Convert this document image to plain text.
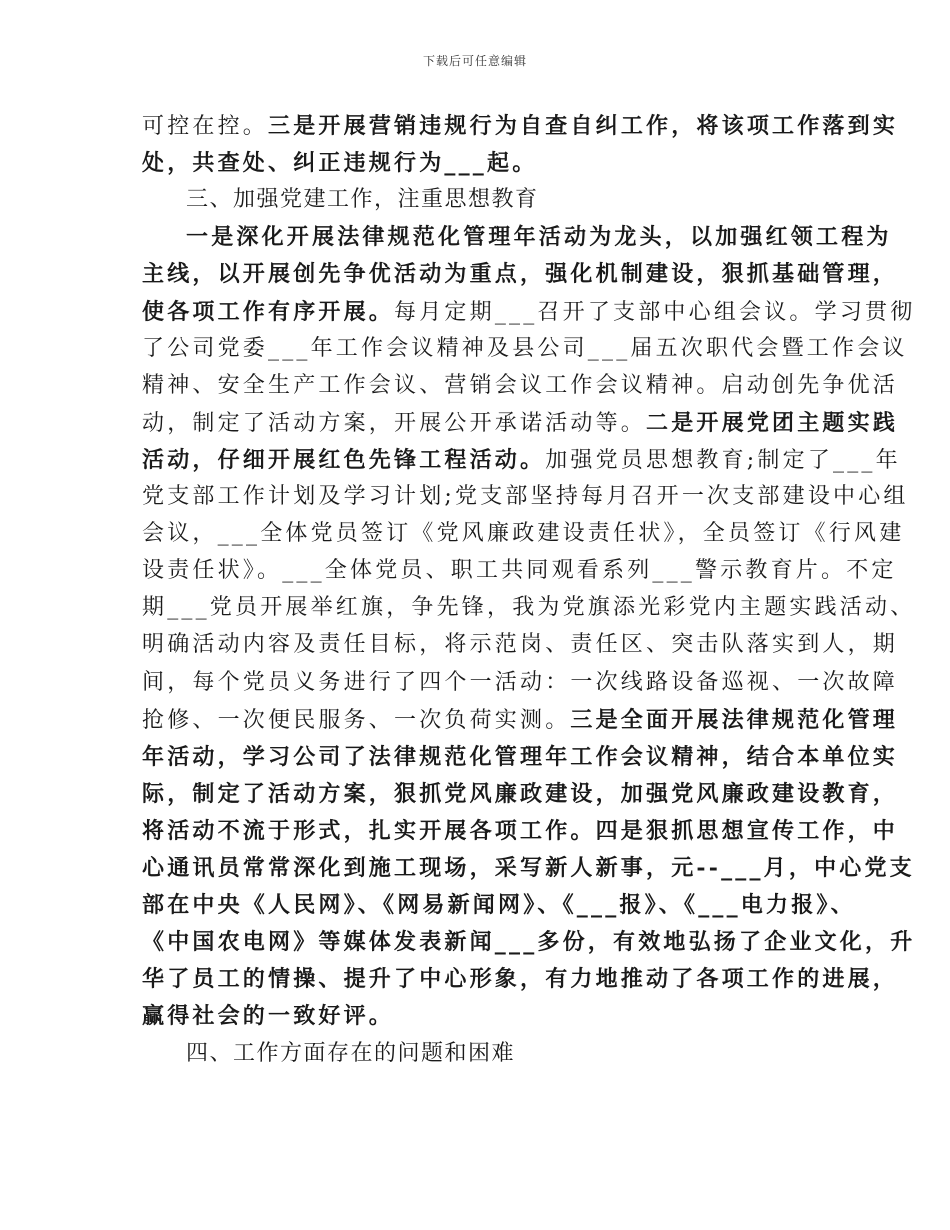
下载后可任意编辑
可控在控。三是开展营销违规行为自查自纠工作，将该项工作落到实
处，共查处、纠正违规行为___起。
三、加强党建工作，注重思想教育
一是深化开展法律规范化管理年活动为龙头，以加强红领工程为
主线，以开展创先争优活动为重点，强化机制建设，狠抓基础管理，
使各项工作有序开展。每月定期___召开了支部中心组会议。学习贯彻
了公司党委___年工作会议精神及县公司___届五次职代会暨工作会议
精神、安全生产工作会议、营销会议工作会议精神。启动创先争优活
动，制定了活动方案，开展公开承诺活动等。二是开展党团主题实践
活动，仔细开展红色先锋工程活动。加强党员思想教育;制定了___年
党支部工作计划及学习计划;党支部坚持每月召开一次支部建设中心组
会议，___全体党员签订《党风廉政建设责任状》，全员签订《行风建
设责任状》。___全体党员、职工共同观看系列___警示教育片。不定
期___党员开展举红旗，争先锋，我为党旗添光彩党内主题实践活动、
明确活动内容及责任目标，将示范岗、责任区、突击队落实到人，期
间，每个党员义务进行了四个一活动：一次线路设备巡视、一次故障
抢修、一次便民服务、一次负荷实测。三是全面开展法律规范化管理
年活动，学习公司了法律规范化管理年工作会议精神，结合本单位实
际，制定了活动方案，狠抓党风廉政建设，加强党风廉政建设教育，
将活动不流于形式，扎实开展各项工作。四是狠抓思想宣传工作，中
心通讯员常常深化到施工现场，采写新人新事，元--___月，中心党支
部在中央《人民网》、《网易新闻网》、《___报》、《___电力报》、
《中国农电网》等媒体发表新闻___多份，有效地弘扬了企业文化，升
华了员工的情操、提升了中心形象，有力地推动了各项工作的进展，
赢得社会的一致好评。
四、工作方面存在的问题和困难
